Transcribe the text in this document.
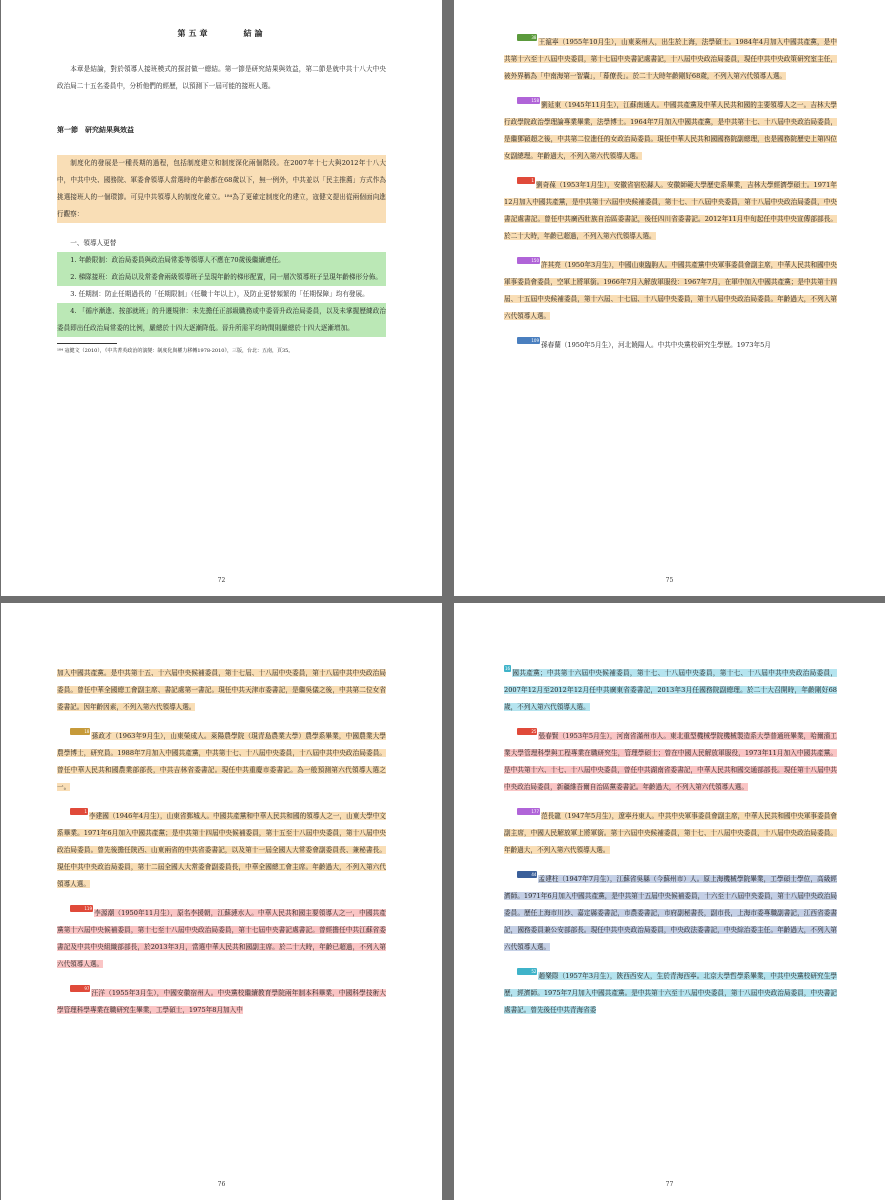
第五章　　　結論

本章是結論，對於領導人接班模式的探討做一總結。第一節是研究結果與效益，第二節是就中共十八大中央政治局二十五名委員中，分析他們的經歷，以預測下一屆可能的接班人選。

第一節　研究結果與效益

制度化的發展是一種長期的過程，包括制度建立和制度深化兩個階段。在2007年十七大與2012年十八大中，中共中央、國務院、軍委會領導人當選時的年齡都在68歲以下，無一例外，中共並以「民主推薦」方式作為挑選接班人的一個環節。可見中共領導人的制度化確立。¹⁸⁴為了更確定制度化的建立，寇健文提出從兩個面向進行觀察：

一、領導人更替

1. 年齡限制：政治局委員與政治局常委等領導人不應在70歲後繼續連任。

2. 梯隊接班：政治局以及常委會兩級領導班子呈現年齡的梯形配置，同一層次領導班子呈現年齡梯形分佈。

3. 任期制：防止任期過長的「任期限制」（任職十年以上），及防止更替頻繁的「任期保障」均有發展。

4. 「循序漸進、按部就班」的升遷規律：未先擔任正部級職務或中委晉升政治局委員，以及未掌握歷練政治委員即出任政治局常委的比例，嚴總於十四大逐漸降低。晉升所需平均時間則嚴總於十四大逐漸增加。

¹⁸⁴ 寇健文（2010），《中共菁英政治的演變：制度化與權力移轉1978-2010》，三版，台北：五南，頁35。
72

38王滬寧（1955年10月生），山東萊州人，出生於上海，法學碩士。1984年4月加入中國共產黨，是中共第十六至十八屆中央委員，第十七屆中央書記處書記，十八屆中央政治局委員，現任中共中央政策研究室主任，被外界稱為「中南海第一智囊」，「幕僚長」。於二十大時年齡剛好68歲，不列入第六代領導人選。

158劉延東（1945年11月生），江蘇南通人。中國共產黨及中華人民共和國的主要領導人之一。吉林大學行政學院政治學理論專業畢業，法學博士。1964年7月加入中國共產黨，是中共第十七、十八屆中央政治局委員，是繼鄧穎超之後，中共第二位進任的女政治局委員。現任中華人民共和國國務院副總理，也是國務院歷史上第四位女副總理。年齡過大，不列入第六代領導人選。

1劉奇葆（1953年1月生），安徽省宿松縣人。安徽師範大學歷史系畢業，吉林大學經濟學碩士。1971年12月加入中國共產黨，是中共第十六屆中央候補委員，第十七、十八屆中央委員，第十八屆中央政治局委員，中央書記處書記。曾任中共廣西壯族自治區委書記，後任四川省委書記。2012年11月中旬起任中共中央宣傳部部長。於二十大時，年齡已超過，不列入第六代領導人選。

150許其亮（1950年3月生），中國山東臨朐人。中國共產黨中央軍事委員會副主席，中華人民共和國中央軍事委員會委員，空軍上將軍銜。1966年7月入解放軍服役：1967年7月，在軍中加入中國共產黨；是中共第十四屆、十五屆中央候補委員，第十六屆、十七屆、十八屆中央委員，第十八屆中央政治局委員。年齡過大，不列入第六代領導人選。

109孫春蘭（1950年5月生），河北饒陽人。中共中央黨校研究生學歷。1973年5月

75

加入中國共產黨。是中共第十五、十六屆中央候補委員，第十七屆、十八屆中央委員，第十八屆中共中央政治局委員。曾任中華全國總工會副主席、書記處第一書記。現任中共天津市委書記，是繼吳儀之後，中共第二位女省委書記。因年齡因素，不列入第六代領導人選。

18孫政才（1963年9月生），山東榮成人。萊陽農學院（現青島農業大學）農學系畢業，中國農業大學農學博士，研究員。1988年7月加入中國共產黨，中共第十七、十八屆中央委員，十八屆中共中央政治局委員。曾任中華人民共和國農業部部長，中共吉林省委書記。現任中共重慶市委書記。為一般預測第六代領導人選之一。

1李建國（1946年4月生），山東省鄄城人。中國共產黨和中華人民共和國的領導人之一，山東大學中文系畢業。1971年6月加入中國共產黨；是中共第十四屆中央候補委員，第十五至十八屆中央委員，第十八屆中央政治局委員。曾先後擔任陝西、山東兩省的中共省委書記，以及第十一屆全國人大常委會副委員長、兼秘書長。現任中共中央政治局委員，第十二屆全國人大常委會副委員長，中華全國總工會主席。年齡過大，不列入第六代領導人選。

119李源潮（1950年11月生），原名李援朝，江蘇漣水人。中華人民共和國主要領導人之一，中國共產黨第十六屆中央候補委員，第十七至十八屆中央政治局委員，第十七屆中央書記處書記。曾經擔任中共江蘇省委書記及中共中央組織部部長，於2013年3月，當選中華人民共和國副主席。於二十大時，年齡已超過，不列入第六代領導人選。

97汪洋（1955年3月生），中國安徽宿州人。中央黨校繼續教育學院兩年制本科畢業，中國科學技術大學管理科學專業在職研究生畢業，工學碩士，1975年8月加入中

76

16國共產黨；中共第十六屆中央候補委員，第十七、十八屆中央委員，第十七、十八屆中共中央政治局委員，2007年12月至2012年12月任中共廣東省委書記，2013年3月任國務院副總理。於二十大召開時，年齡剛好68歲，不列入第六代領導人選。

25張春賢（1953年5月生），河南省滿州市人。東北重型機械學院機械製造系大學普通班畢業，哈爾濱工業大學管理科學與工程專業在職研究生，管理學碩士；曾在中國人民解放軍服役，1973年11月加入中國共產黨。是中共第十六、十七、十八屆中央委員，曾任中共湖南省委書記，中華人民共和國交通部部長。現任第十八屆中共中央政治局委員，新疆維吾爾自治區黨委書記。年齡過大，不列入第六代領導人選。

177范長龍（1947年5月生），遼寧丹東人。中共中央軍事委員會副主席，中華人民共和國中央軍事委員會副主席，中國人民解放軍上將軍銜。第十六屆中央候補委員，第十七、十八屆中央委員，十八屆中央政治局委員。年齡過大，不列入第六代領導人選。

44孟建柱（1947年7月生），江蘇省吳縣（今蘇州市）人。原上海機械學院畢業，工學碩士學位，高級經濟師。1971年6月加入中國共產黨，是中共第十五屆中央候補委員，十六至十八屆中央委員，第十八屆中央政治局委員。歷任上海市川沙、嘉定縣委書記，市農委書記，市府副秘書長，副市長，上海市委專職副書記，江西省委書記，國務委員兼公安部部長。現任中共中央政治局委員，中央政法委書記，中央綜治委主任。年齡過大，不列入第六代領導人選。

52趙樂際（1957年3月生），陝西西安人，生於青海西寧。北京大學哲學系畢業，中共中央黨校研究生學歷，經濟師。1975年7月加入中國共產黨。是中共第十六至十八屆中央委員，第十八屆中央政治局委員，中央書記處書記。曾先後任中共青海省委

77
